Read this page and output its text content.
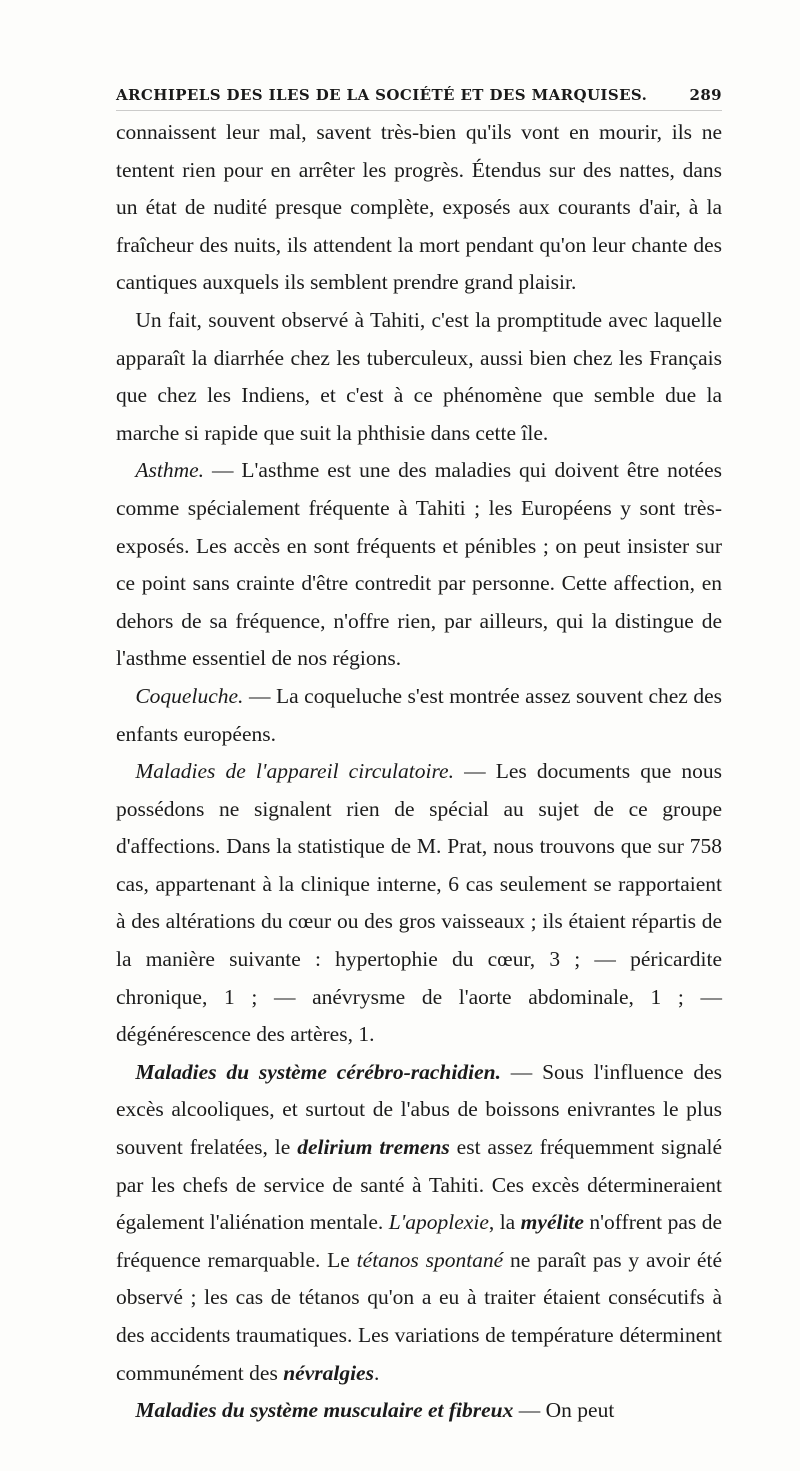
ARCHIPELS DES ILES DE LA SOCIÉTÉ ET DES MARQUISES.	289

connaissent leur mal, savent très-bien qu'ils vont en mourir, ils ne tentent rien pour en arrêter les progrès. Étendus sur des nattes, dans un état de nudité presque complète, exposés aux courants d'air, à la fraîcheur des nuits, ils attendent la mort pendant qu'on leur chante des cantiques auxquels ils semblent prendre grand plaisir.

Un fait, souvent observé à Tahiti, c'est la promptitude avec laquelle apparaît la diarrhée chez les tuberculeux, aussi bien chez les Français que chez les Indiens, et c'est à ce phénomène que semble due la marche si rapide que suit la phthisie dans cette île.

Asthme. — L'asthme est une des maladies qui doivent être notées comme spécialement fréquente à Tahiti ; les Européens y sont très-exposés. Les accès en sont fréquents et pénibles ; on peut insister sur ce point sans crainte d'être contredit par personne. Cette affection, en dehors de sa fréquence, n'offre rien, par ailleurs, qui la distingue de l'asthme essentiel de nos régions.

Coqueluche. — La coqueluche s'est montrée assez souvent chez des enfants européens.

Maladies de l'appareil circulatoire. — Les documents que nous possédons ne signalent rien de spécial au sujet de ce groupe d'affections. Dans la statistique de M. Prat, nous trouvons que sur 758 cas, appartenant à la clinique interne, 6 cas seulement se rapportaient à des altérations du cœur ou des gros vaisseaux ; ils étaient répartis de la manière suivante : hypertophie du cœur, 3 ; — péricardite chronique, 1 ; — anévrysme de l'aorte abdominale, 1 ; — dégénérescence des artères, 1.

Maladies du système cérébro-rachidien. — Sous l'influence des excès alcooliques, et surtout de l'abus de boissons enivrantes le plus souvent frelatées, le delirium tremens est assez fréquemment signalé par les chefs de service de santé à Tahiti. Ces excès détermineraient également l'aliénation mentale. L'apoplexie, la myélite n'offrent pas de fréquence remarquable. Le tétanos spontané ne paraît pas y avoir été observé ; les cas de tétanos qu'on a eu à traiter étaient consécutifs à des accidents traumatiques. Les variations de température déterminent communément des névralgies.

Maladies du système musculaire et fibreux — On peut
